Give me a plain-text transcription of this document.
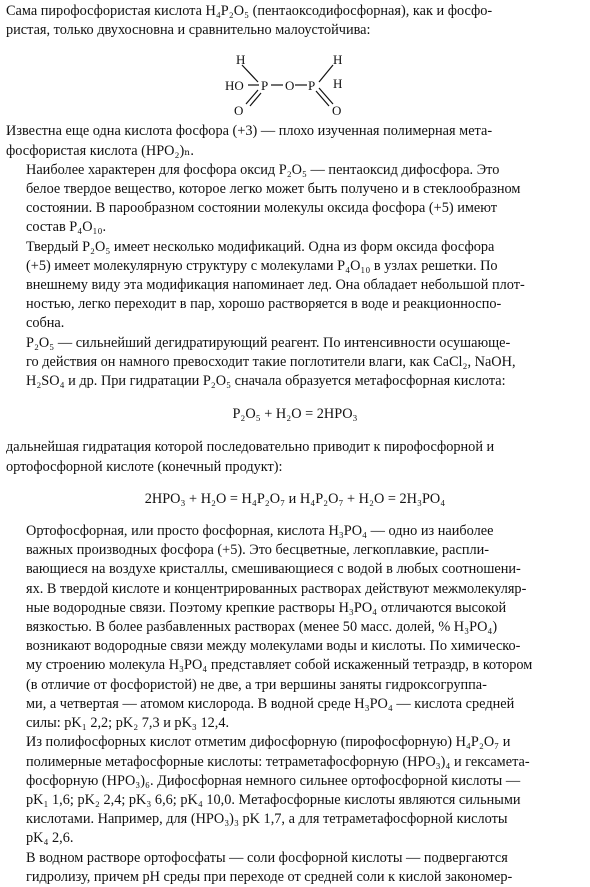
Сама пирофосфористая кислота H₄P₂O₅ (пентаоксодифосфорная), как и фосфо-
ристая, только двухосновна и сравнительно малоустойчива:

H
HO
O
P O P
H
H
O

Известна еще одна кислота фосфора (+3) — плохо изученная полимерная мета-
фосфористая кислота (HPO₂)ₙ.

Наиболее характерен для фосфора оксид P₂O₅ — пентаоксид дифосфора. Это
белое твердое вещество, которое легко может быть получено и в стеклообразном
состоянии. В парообразном состоянии молекулы оксида фосфора (+5) имеют
состав P₄O₁₀.

Твердый P₂O₅ имеет несколько модификаций. Одна из форм оксида фосфора
(+5) имеет молекулярную структуру с молекулами P₄O₁₀ в узлах решетки. По
внешнему виду эта модификация напоминает лед. Она обладает небольшой плот-
ностью, легко переходит в пар, хорошо растворяется в воде и реакционноспо-
собна.

P₂O₅ — сильнейший дегидратирующий реагент. По интенсивности осушающе-
го действия он намного превосходит такие поглотители влаги, как CaCl₂, NaOH,
H₂SO₄ и др. При гидратации P₂O₅ сначала образуется метафосфорная кислота:

P₂O₅ + H₂O = 2HPO₃

дальнейшая гидратация которой последовательно приводит к пирофосфорной и
ортофосфорной кислоте (конечный продукт):

2HPO₃ + H₂O = H₄P₂O₇ и H₄P₂O₇ + H₂O = 2H₃PO₄

Ортофосфорная, или просто фосфорная, кислота H₃PO₄ — одно из наиболее
важных производных фосфора (+5). Это бесцветные, легкоплавкие, распли-
вающиеся на воздухе кристаллы, смешивающиеся с водой в любых соотношени-
ях. В твердой кислоте и концентрированных растворах действуют межмолекуляр-
ные водородные связи. Поэтому крепкие растворы H₃PO₄ отличаются высокой
вязкостью. В более разбавленных растворах (менее 50 масс. долей, % H₃PO₄)
возникают водородные связи между молекулами воды и кислоты. По химическо-
му строению молекула H₃PO₄ представляет собой искаженный тетраэдр, в котором
(в отличие от фосфористой) не две, а три вершины заняты гидроксогруппа-
ми, а четвертая — атомом кислорода. В водной среде H₃PO₄ — кислота средней
силы: pK₁ 2,2; pK₂ 7,3 и pK₃ 12,4.

Из полифосфорных кислот отметим дифосфорную (пирофосфорную) H₄P₂O₇ и
полимерные метафосфорные кислоты: тетраметафосфорную (HPO₃)₄ и гексамета-
фосфорную (HPO₃)₆. Дифосфорная немного сильнее ортофосфорной кислоты —
pK₁ 1,6; pK₂ 2,4; pK₃ 6,6; pK₄ 10,0. Метафосфорные кислоты являются сильными
кислотами. Например, для (HPO₃)₃ pK 1,7, а для тетраметафосфорной кислоты
pK₄ 2,6.

В водном растворе ортофосфаты — соли фосфорной кислоты — подвергаются
гидролизу, причем pH среды при переходе от средней соли к кислой закономер-
